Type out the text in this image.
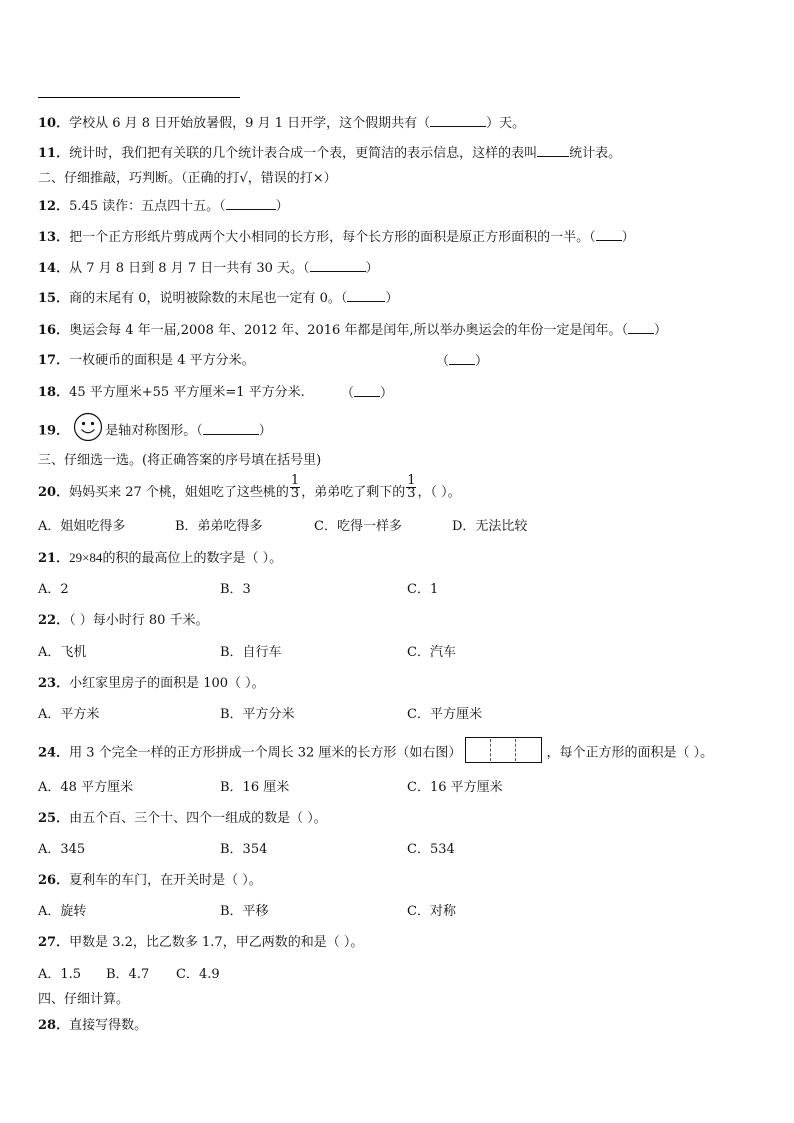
10．学校从 6 月 8 日开始放暑假，9 月 1 日开学，这个假期共有（	）天。
11．统计时，我们把有关联的几个统计表合成一个表，更简洁的表示信息，这样的表叫 统计表。
二、仔细推敲，巧判断。（正确的打√，错误的打×）
12．5.45 读作：五点四十五。（	）
13．把一个正方形纸片剪成两个大小相同的长方形，每个长方形的面积是原正方形面积的一半。（ ）
14．从 7 月 8 日到 8 月 7 日一共有 30 天。（	）
15．商的末尾有 0，说明被除数的末尾也一定有 0。（	）
16．奥运会每 4 年一届,2008 年、2012 年、2016 年都是闰年,所以举办奥运会的年份一定是闰年。（ ）
17．一枚硬币的面积是 4 平方分米。	（ ）
18．45 平方厘米+55 平方厘米=1 平方分米.	（ ）
19．	是轴对称图形。（	）
三、仔细选一选。(将正确答案的序号填在括号里)
20．妈妈买来 27 个桃，姐姐吃了这些桃的 $\frac{1}{3}$ ，弟弟吃了剩下的 $\frac{1}{3}$ ，（ ）。
A．姐姐吃得多	B．弟弟吃得多	C．吃得一样多	D．无法比较
21．29×84的积的最高位上的数字是（ ）。
A．2	B．3	C．1
22．（ ）每小时行 80 千米。
A．飞机	B．自行车	C．汽车
23．小红家里房子的面积是 100（ ）。
A．平方米	B．平方分米	C．平方厘米
24．用 3 个完全一样的正方形拼成一个周长 32 厘米的长方形（如右图）	，每个正方形的面积是（ ）。
A．48 平方厘米	B．16 厘米	C．16 平方厘米
25．由五个百、三个十、四个一组成的数是（ ）。
A．345	B．354	C．534
26．夏利车的车门，在开关时是（ ）。
A．旋转	B．平移	C．对称
27．甲数是 3.2，比乙数多 1.7，甲乙两数的和是（ ）。
A．1.5 B．4.7 C．4.9
四、仔细计算。
28．直接写得数。
